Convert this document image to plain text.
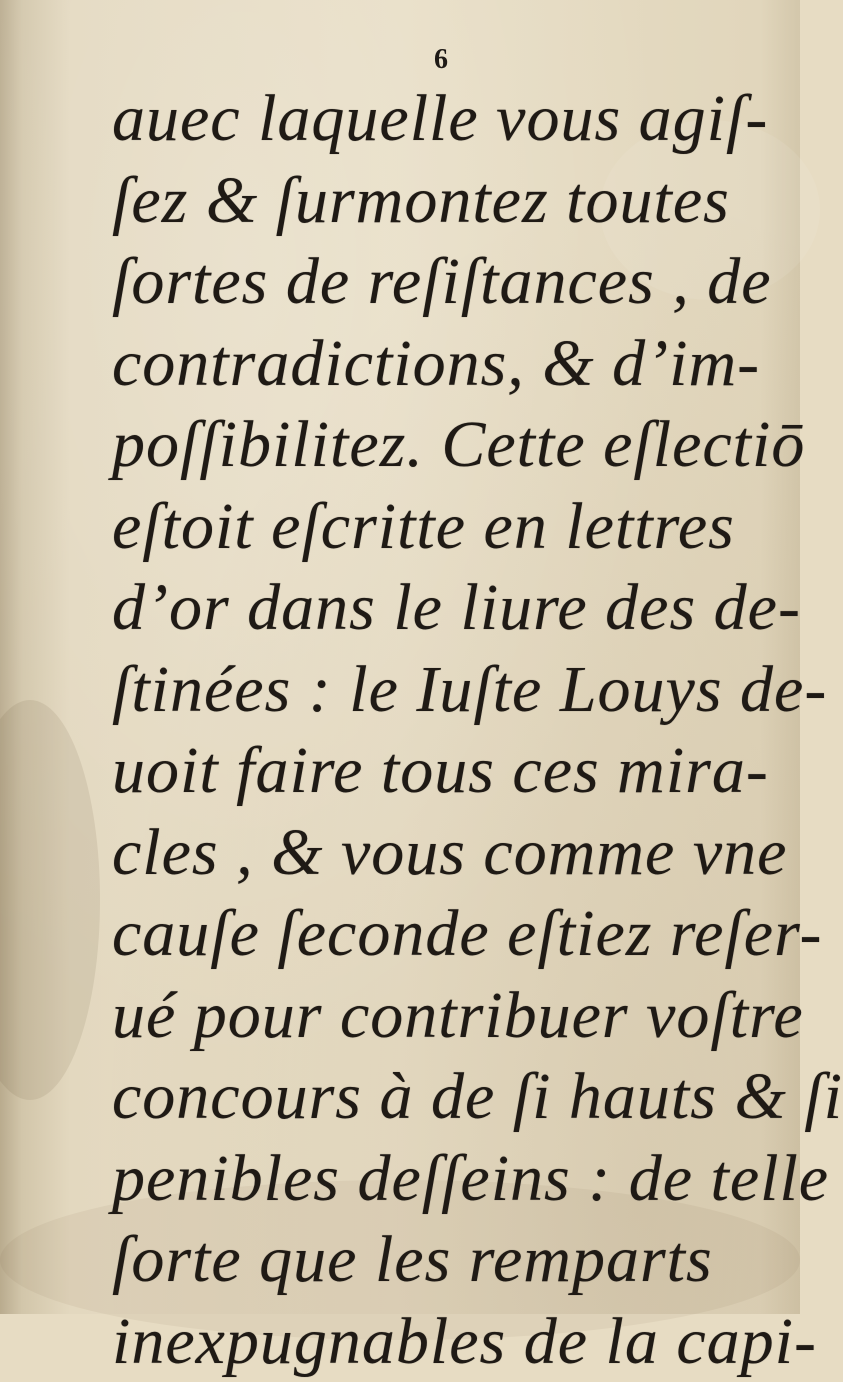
6
auec laquelle vous agiſ-
ſez & ſurmontez toutes
ſortes de reſiſtances , de
contradictions, & d’im-
poſſibilitez. Cette eſlectiō
eſtoit eſcritte en lettres
d’or dans le liure des de-
ſtinées : le Iuſte Louys de-
uoit faire tous ces mira-
cles , & vous comme vne
cauſe ſeconde eſtiez reſer-
ué pour contribuer voſtre
concours à de ſi hauts & ſi
penibles deſſeins : de telle
ſorte que les remparts
inexpugnables de la capi-
